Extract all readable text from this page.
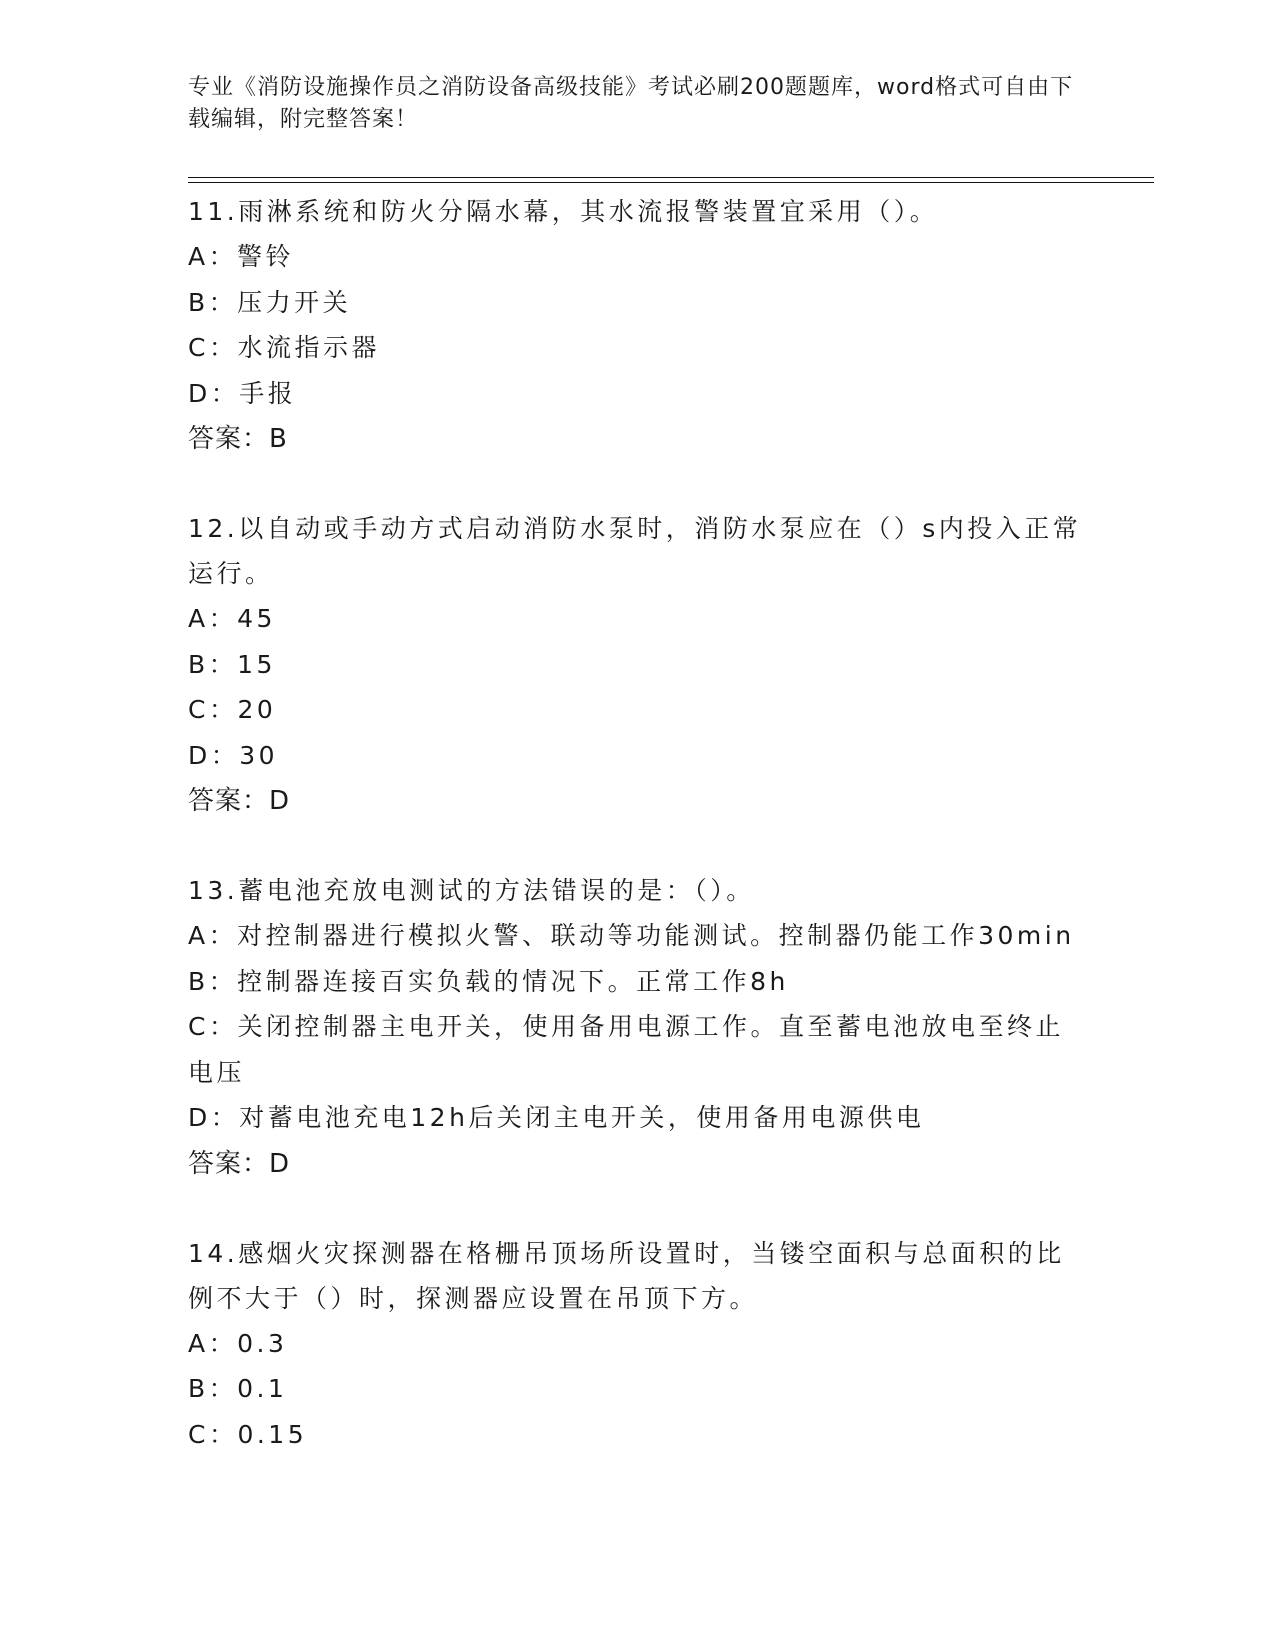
专业《消防设施操作员之消防设备高级技能》考试必刷200题题库，word格式可自由下载编辑，附完整答案！

11.雨淋系统和防火分隔水幕，其水流报警装置宜采用（）。

A：警铃

B：压力开关

C：水流指示器

D：手报

答案：B

12.以自动或手动方式启动消防水泵时，消防水泵应在（）s内投入正常运行。

A：45

B：15

C：20

D：30

答案：D

13.蓄电池充放电测试的方法错误的是：（）。

A：对控制器进行模拟火警、联动等功能测试。控制器仍能工作30min

B：控制器连接百实负载的情况下。正常工作8h

C：关闭控制器主电开关，使用备用电源工作。直至蓄电池放电至终止电压

D：对蓄电池充电12h后关闭主电开关，使用备用电源供电

答案：D

14.感烟火灾探测器在格栅吊顶场所设置时，当镂空面积与总面积的比例不大于（）时，探测器应设置在吊顶下方。

A：0.3

B：0.1

C：0.15
